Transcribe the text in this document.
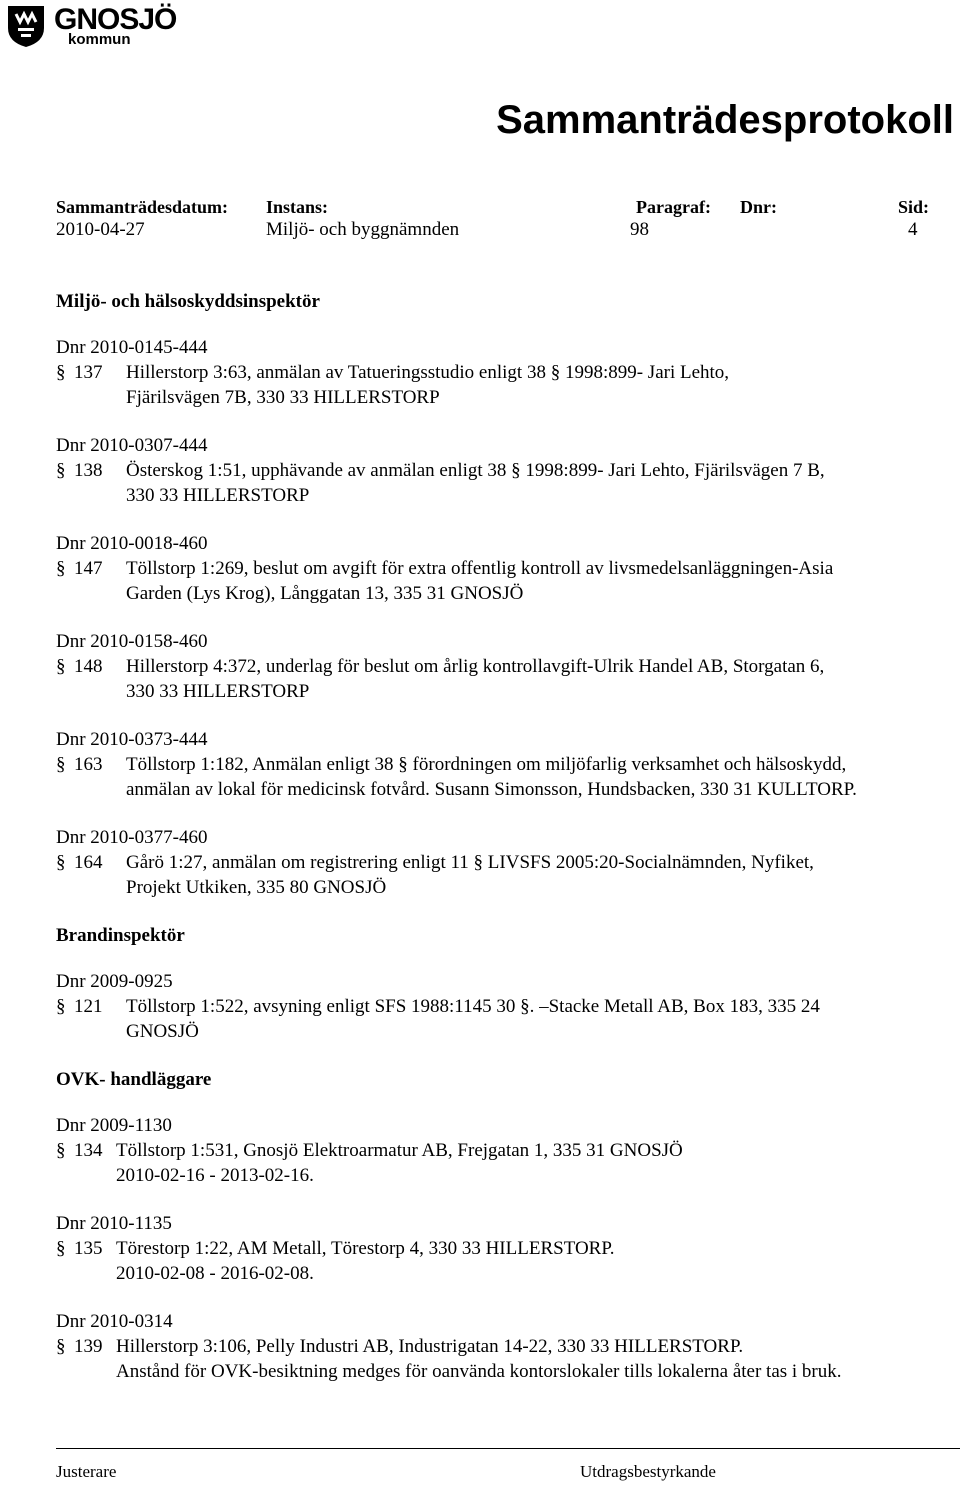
GNOSJÖ
kommun
Sammanträdesprotokoll
Sammanträdesdatum: Instans:	Paragraf: Dnr:	Sid:
2010-04-27	Miljö- och byggnämnden	98	4
Miljö- och hälsoskyddsinspektör
Dnr 2010-0145-444
§ 137	Hillerstorp 3:63, anmälan av Tatueringsstudio enligt 38 § 1998:899- Jari Lehto,
Fjärilsvägen 7B, 330 33 HILLERSTORP
Dnr 2010-0307-444
§ 138	Österskog 1:51, upphävande av anmälan enligt 38 § 1998:899- Jari Lehto, Fjärilsvägen 7 B,
330 33 HILLERSTORP
Dnr 2010-0018-460
§ 147	Töllstorp 1:269, beslut om avgift för extra offentlig kontroll av livsmedelsanläggningen-Asia
Garden (Lys Krog), Långgatan 13, 335 31 GNOSJÖ
Dnr 2010-0158-460
§ 148	Hillerstorp 4:372, underlag för beslut om årlig kontrollavgift-Ulrik Handel AB, Storgatan 6,
330 33 HILLERSTORP
Dnr 2010-0373-444
§ 163	Töllstorp 1:182, Anmälan enligt 38 § förordningen om miljöfarlig verksamhet och hälsoskydd,
anmälan av lokal för medicinsk fotvård. Susann Simonsson, Hundsbacken, 330 31 KULLTORP.
Dnr 2010-0377-460
§ 164	Gårö 1:27, anmälan om registrering enligt 11 § LIVSFS 2005:20-Socialnämnden, Nyfiket,
Projekt Utkiken, 335 80 GNOSJÖ
Brandinspektör
Dnr 2009-0925
§ 121	Töllstorp 1:522, avsyning enligt SFS 1988:1145 30 §. –Stacke Metall AB, Box 183, 335 24
GNOSJÖ
OVK- handläggare
Dnr 2009-1130
§ 134 Töllstorp 1:531, Gnosjö Elektroarmatur AB, Frejgatan 1, 335 31 GNOSJÖ
2010-02-16 - 2013-02-16.
Dnr 2010-1135
§ 135 Törestorp 1:22, AM Metall, Törestorp 4, 330 33 HILLERSTORP.
2010-02-08 - 2016-02-08.
Dnr 2010-0314
§ 139 Hillerstorp 3:106, Pelly Industri AB, Industrigatan 14-22, 330 33 HILLERSTORP.
Anstånd för OVK-besiktning medges för oanvända kontorslokaler tills lokalerna åter tas i bruk.
Justerare	Utdragsbestyrkande
